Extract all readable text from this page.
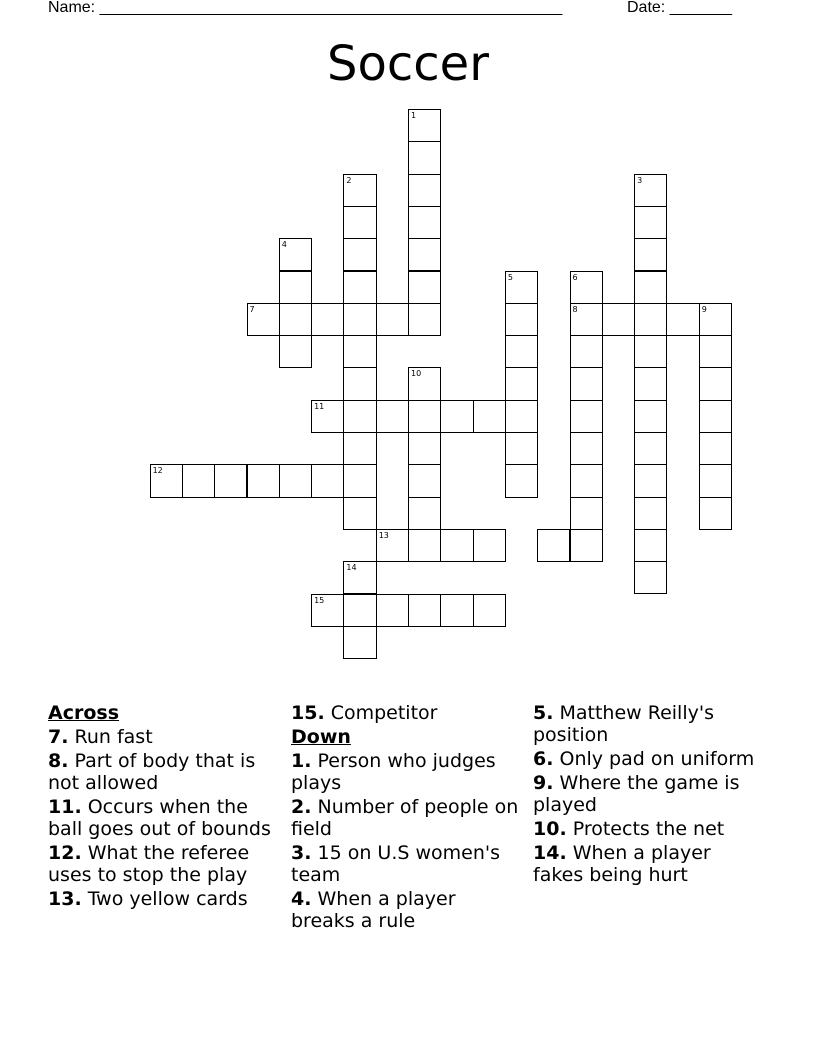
Name: ____________________________________________________	Date: _______
Soccer
1
2	3
4
5	6
8
7	9
10
11
12
13
14
15
Across
7. Run fast
8. Part of body that is not allowed
11. Occurs when the ball goes out of bounds
12. What the referee uses to stop the play
13. Two yellow cards
15. Competitor
Down
1. Person who judges plays
2. Number of people on field
3. 15 on U.S women's team
4. When a player breaks a rule
5. Matthew Reilly's position
6. Only pad on uniform
9. Where the game is played
10. Protects the net
14. When a player fakes being hurt
